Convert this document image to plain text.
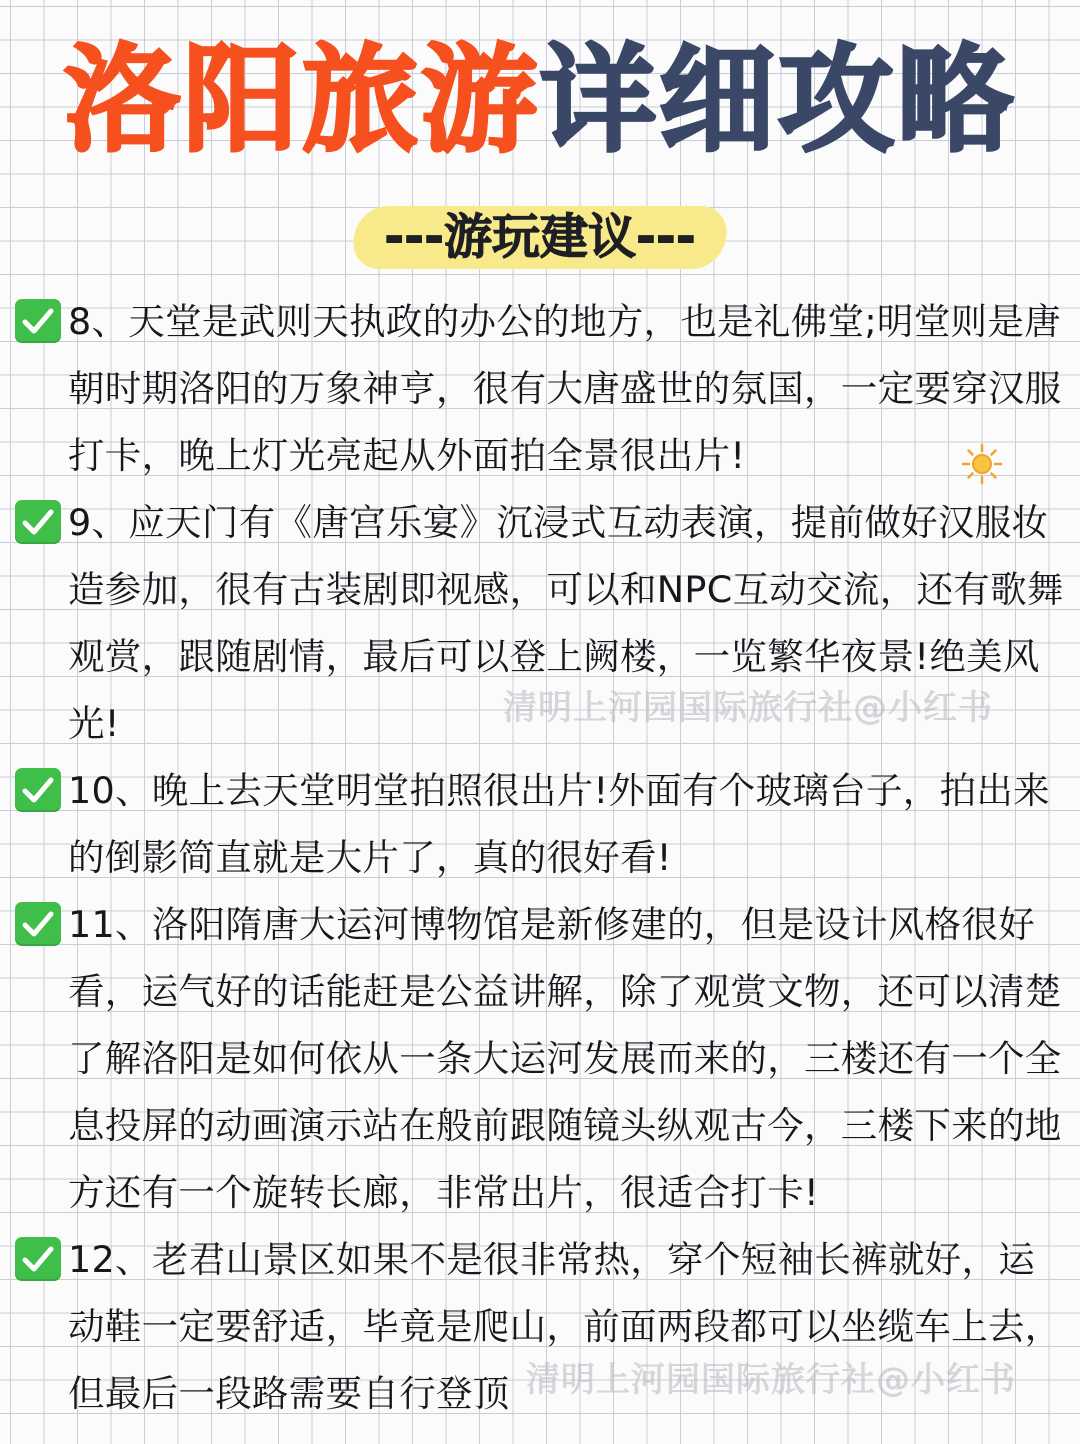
洛阳旅游详细攻略
---游玩建议---
8、天堂是武则天执政的办公的地方，也是礼佛堂;明堂则是唐朝时期洛阳的万象神亨，很有大唐盛世的氛国，一定要穿汉服打卡，晚上灯光亮起从外面拍全景很出片!
9、应天门有《唐宫乐宴》沉浸式互动表演，提前做好汉服妆造参加，很有古装剧即视感，可以和NPC互动交流，还有歌舞观赏，跟随剧情，最后可以登上阙楼，一览繁华夜景!绝美风光!
10、晚上去天堂明堂拍照很出片!外面有个玻璃台子，拍出来的倒影简直就是大片了，真的很好看!
11、洛阳隋唐大运河博物馆是新修建的，但是设计风格很好看，运气好的话能赶是公益讲解，除了观赏文物，还可以清楚了解洛阳是如何依从一条大运河发展而来的，三楼还有一个全息投屏的动画演示站在般前跟随镜头纵观古今，三楼下来的地方还有一个旋转长廊，非常出片，很适合打卡!
12、老君山景区如果不是很非常热，穿个短袖长裤就好，运动鞋一定要舒适，毕竟是爬山，前面两段都可以坐缆车上去，但最后一段路需要自行登顶
清明上河园国际旅行社@小红书
清明上河园国际旅行社@小红书
